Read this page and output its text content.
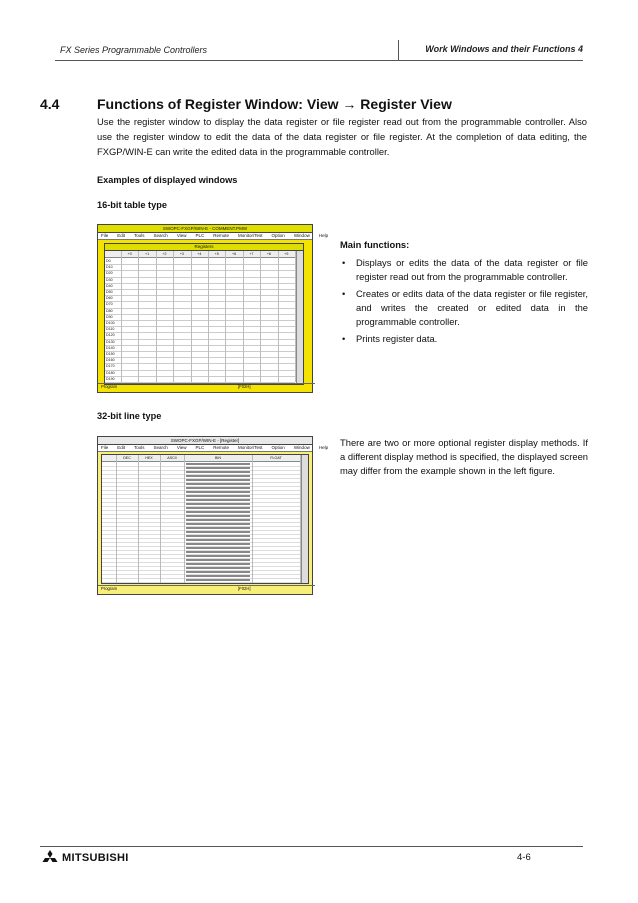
FX Series Programmable Controllers	Work Windows and their Functions 4
4.4	Functions of Register Window: View → Register View
Use the register window to display the data register or file register read out from the programmable controller. Also use the register window to edit the data of the data register or file register. At the completion of data editing, the FXGP/WIN-E can write the edited data in the programmable controller.
Examples of displayed windows
16-bit table type
SWOPC-FXGP/WIN-E - COMMENT.PMW
File Edit Tools Search View PLC Remote Monitor/Test Option Window Help
Registers
+0	+1	+2	+3	+4	+5	+6	+7	+8	+9
D0
D10
D20
D30
D40
D50
D60
D70
D80
D90
D100
D110
D120
D130
D140
D150
D160
D170
D180
D190
Program	[F02H]
Main functions:
• Displays or edits the data of the data register or file register read out from the programmable controller.
• Creates or edits data of the data register or file register, and writes the created or edited data in the programmable controller.
• Prints register data.
32-bit line type
SWOPC-FXGP/WIN-E - [Register]
File Edit Tools Search View PLC Remote Monitor/Test Option Window Help
DEC	HEX	ASCII	BIN	FLOAT
Program	[F02H]
There are two or more optional register display methods. If a different display method is specified, the displayed screen may differ from the example shown in the left figure.
MITSUBISHI	4-6
